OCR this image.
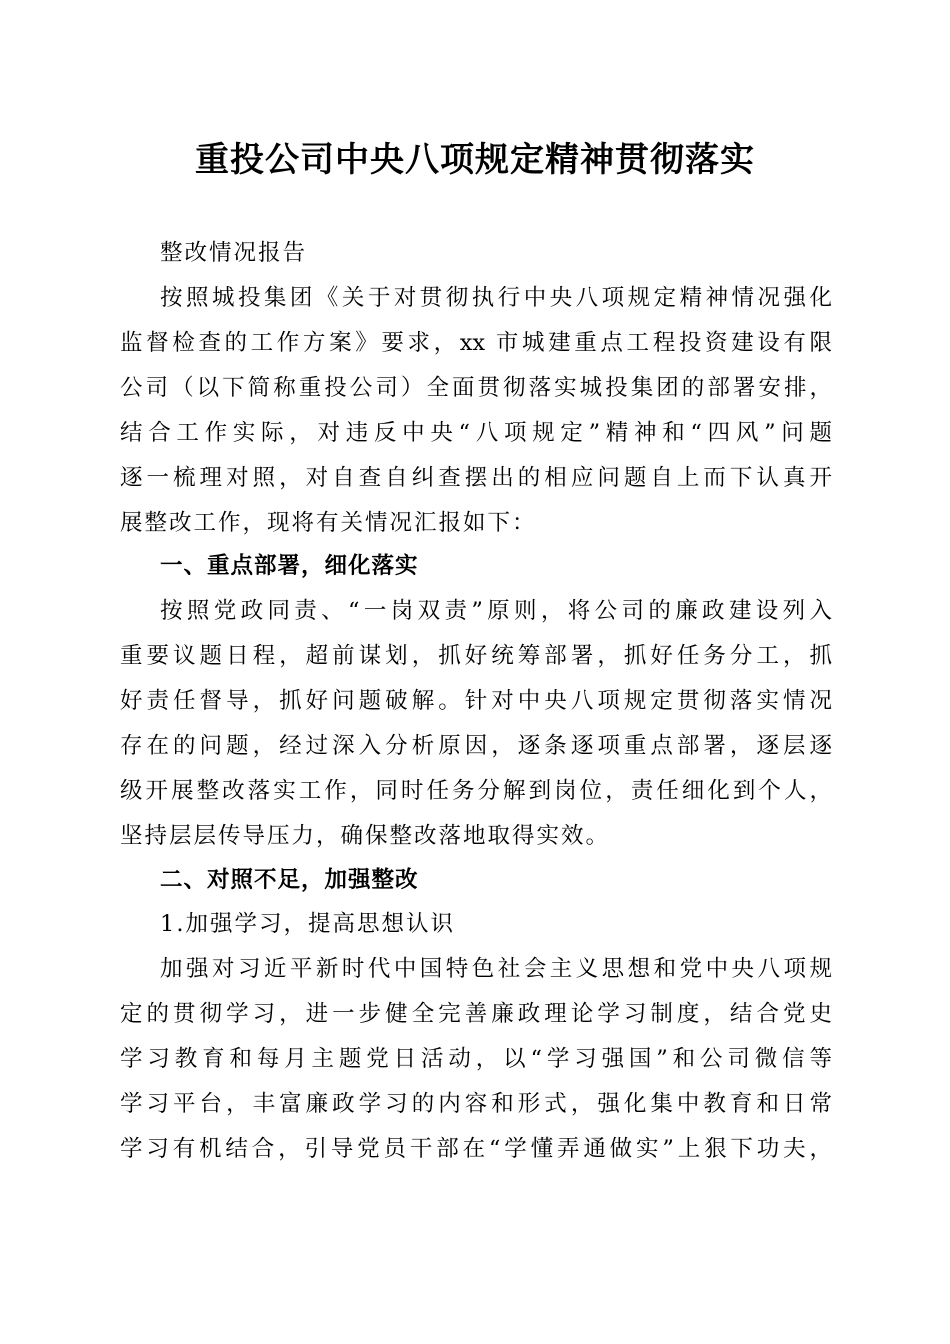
重投公司中央八项规定精神贯彻落实
整改情况报告
按照城投集团《关于对贯彻执行中央八项规定精神情况强化
监督检查的工作方案》要求，xx 市城建重点工程投资建设有限
公司（以下简称重投公司）全面贯彻落实城投集团的部署安排，
结合工作实际，对违反中央“八项规定”精神和“四风”问题
逐一梳理对照，对自查自纠查摆出的相应问题自上而下认真开
展整改工作，现将有关情况汇报如下：
一、重点部署，细化落实
按照党政同责、“一岗双责”原则，将公司的廉政建设列入
重要议题日程，超前谋划，抓好统筹部署，抓好任务分工，抓
好责任督导，抓好问题破解。针对中央八项规定贯彻落实情况
存在的问题，经过深入分析原因，逐条逐项重点部署，逐层逐
级开展整改落实工作，同时任务分解到岗位，责任细化到个人，
坚持层层传导压力，确保整改落地取得实效。
二、对照不足，加强整改
1.加强学习，提高思想认识
加强对习近平新时代中国特色社会主义思想和党中央八项规
定的贯彻学习，进一步健全完善廉政理论学习制度，结合党史
学习教育和每月主题党日活动，以“学习强国”和公司微信等
学习平台，丰富廉政学习的内容和形式，强化集中教育和日常
学习有机结合，引导党员干部在“学懂弄通做实”上狠下功夫，
